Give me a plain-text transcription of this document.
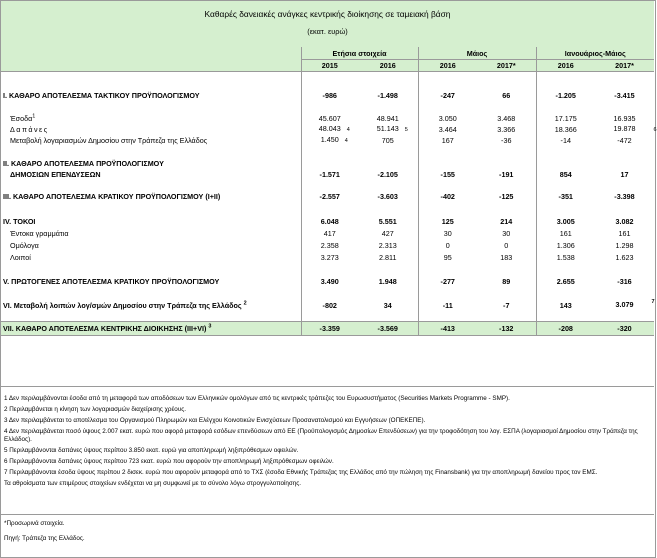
Καθαρές δανειακές ανάγκες κεντρικής διοίκησης σε ταμειακή βάση
(εκατ. ευρώ)
	Ετήσια στοιχεία		Μάιος		Ιανουάριος-Μάιος	
	2015	2016	2016	2017*	2016	2017*

I. ΚΑΘΑΡΟ ΑΠΟΤΕΛΕΣΜΑ ΤΑΚΤΙΚΟΥ ΠΡΟΫΠΟΛΟΓΙΣΜΟΥ	-986	-1.498	-247	66	-1.205	-3.415

Έσοδα$^1$	45.607	48.941	3.050	3.468	17.175	16.935
Δαπάνες	48.043 4	51.143 5	3.464	3.366	18.366	19.878 6
Μεταβολή λογαριασμών Δημοσίου στην Τράπεζα της Ελλάδος	1.450 4	705	167	-36	-14	-472

II. ΚΑΘΑΡΟ ΑΠΟΤΕΛΕΣΜΑ ΠΡΟΫΠΟΛΟΓΙΣΜΟΥ						
ΔΗΜΟΣΙΩΝ ΕΠΕΝΔΥΣΕΩΝ	-1.571	-2.105	-155	-191	854	17

III. ΚΑΘΑΡΟ ΑΠΟΤΕΛΕΣΜΑ ΚΡΑΤΙΚΟΥ ΠΡΟΫΠΟΛΟΓΙΣΜΟΥ (I+II)	-2.557	-3.603	-402	-125	-351	-3.398

IV. ΤΟΚΟΙ	6.048	5.551	125	214	3.005	3.082
Έντοκα γραμμάτια	417	427	30	30	161	161
Ομόλογα	2.358	2.313	0	0	1.306	1.298
Λοιποί	3.273	2.811	95	183	1.538	1.623

V. ΠΡΩΤΟΓΕΝΕΣ ΑΠΟΤΕΛΕΣΜΑ ΚΡΑΤΙΚΟΥ ΠΡΟΫΠΟΛΟΓΙΣΜΟΥ	3.490	1.948	-277	89	2.655	-316

VI. Μεταβολή λοιπών λογ/σμών Δημοσίου στην Τράπεζα της Ελλάδος $^2$	-802	34	-11	-7	143	3.079 7

VII. ΚΑΘΑΡΟ ΑΠΟΤΕΛΕΣΜΑ ΚΕΝΤΡΙΚΗΣ ΔΙΟΙΚΗΣΗΣ (III+VI) $^3$	-3.359	-3.569	-413	-132	-208	-320
1 Δεν περιλαμβάνονται έσοδα από τη μεταφορά των αποδόσεων των Ελληνικών ομολόγων από τις κεντρικές τράπεζες του Ευρωσυστήματος (Securities Markets Programme - SMP).
2 Περιλαμβάνεται η κίνηση των λογαριασμών διαχείρισης χρέους.
3 Δεν περιλαμβάνεται το αποτέλεσμα του Οργανισμού Πληρωμών και Ελέγχου Κοινοτικών Ενισχύσεων Προσανατολισμού και Εγγυήσεων (ΟΠΕΚΕΠΕ).
4 Δεν περιλαμβάνεται ποσό ύψους 2.007 εκατ. ευρώ που αφορά μεταφορά εσόδων επενδύσεων από ΕΕ (Προϋπολογισμός Δημοσίων Επενδύσεων) για την τροφοδότηση του λογ. ΕΣΠΑ (λογαριασμοί Δημοσίου στην Τράπεζα της Ελλάδος).
5 Περιλαμβάνονται δαπάνες ύψους περίπου 3.850 εκατ. ευρώ για αποπληρωμή ληξιπρόθεσμων οφειλών.
6 Περιλαμβάνονται δαπάνες ύψους περίπου 723 εκατ. ευρώ που αφορούν την αποπληρωμή ληξιπρόθεσμων οφειλών.
7 Περιλαμβάνονται έσοδα ύψους περίπου 2 δισεκ. ευρώ που αφορούν μεταφορά από το ΤΧΣ (έσοδα Εθνικής Τράπεζας της Ελλάδος από την πώληση της Finansbank) για την αποπληρωμή δανείου προς τον ΕΜΣ.
Τα αθροίσματα των επιμέρους στοιχείων ενδέχεται να μη συμφωνεί με το σύνολο λόγω στρογγυλοποίησης.
*Προσωρινά στοιχεία.
Πηγή: Τράπεζα της Ελλάδος.
